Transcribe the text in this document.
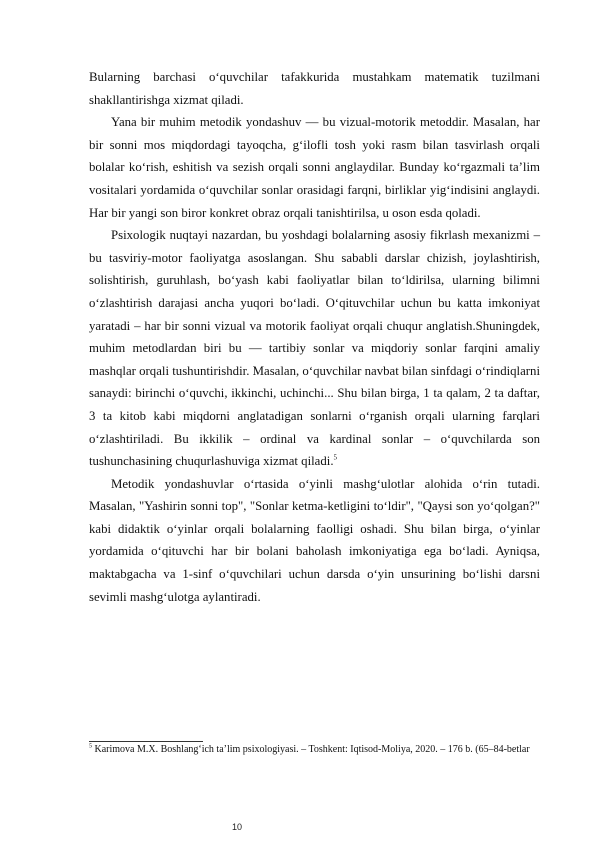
Bularning barchasi o‘quvchilar tafakkurida mustahkam matematik tuzilmani shakllantirishga xizmat qiladi.

Yana bir muhim metodik yondashuv — bu vizual-motorik metoddir. Masalan, har bir sonni mos miqdordagi tayoqcha, g‘ilofli tosh yoki rasm bilan tasvirlash orqali bolalar ko‘rish, eshitish va sezish orqali sonni anglaydilar. Bunday ko‘rgazmali ta’lim vositalari yordamida o‘quvchilar sonlar orasidagi farqni, birliklar yig‘indisini anglaydi. Har bir yangi son biror konkret obraz orqali tanishtirilsa, u oson esda qoladi.

Psixologik nuqtayi nazardan, bu yoshdagi bolalarning asosiy fikrlash mexanizmi – bu tasviriy-motor faoliyatga asoslangan. Shu sababli darslar chizish, joylashtirish, solishtirish, guruhlash, bo‘yash kabi faoliyatlar bilan to‘ldirilsa, ularning bilimni o‘zlashtirish darajasi ancha yuqori bo‘ladi. O‘qituvchilar uchun bu katta imkoniyat yaratadi – har bir sonni vizual va motorik faoliyat orqali chuqur anglatish.Shuningdek, muhim metodlardan biri bu — tartibiy sonlar va miqdoriy sonlar farqini amaliy mashqlar orqali tushuntirishdir. Masalan, o‘quvchilar navbat bilan sinfdagi o‘rindiqlarni sanaydi: birinchi o‘quvchi, ikkinchi, uchinchi... Shu bilan birga, 1 ta qalam, 2 ta daftar, 3 ta kitob kabi miqdorni anglatadigan sonlarni o‘rganish orqali ularning farqlari o‘zlashtiriladi. Bu ikkilik – ordinal va kardinal sonlar – o‘quvchilarda son tushunchasining chuqurlashuviga xizmat qiladi.$^5$

Metodik yondashuvlar o‘rtasida o‘yinli mashg‘ulotlar alohida o‘rin tutadi. Masalan, "Yashirin sonni top", "Sonlar ketma-ketligini to‘ldir", "Qaysi son yo‘qolgan?" kabi didaktik o‘yinlar orqali bolalarning faolligi oshadi. Shu bilan birga, o‘yinlar yordamida o‘qituvchi har bir bolani baholash imkoniyatiga ega bo‘ladi. Ayniqsa, maktabgacha va 1-sinf o‘quvchilari uchun darsda o‘yin unsurining bo‘lishi darsni sevimli mashg‘ulotga aylantiradi.

$^5$ Karimova M.X. Boshlang‘ich ta’lim psixologiyasi. – Toshkent: Iqtisod-Moliya, 2020. – 176 b. (65–84-betlar
10
